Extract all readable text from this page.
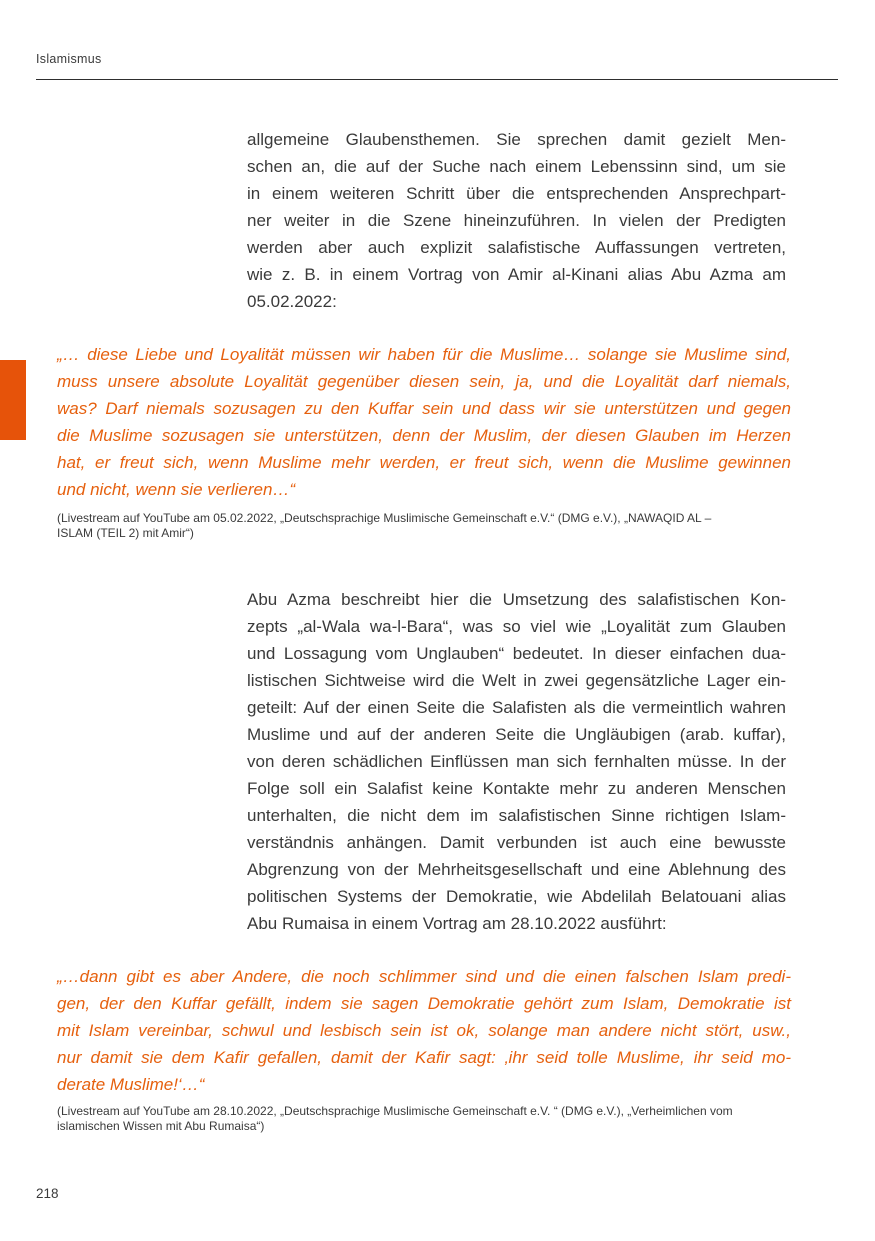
Islamismus
allgemeine Glaubensthemen. Sie sprechen damit gezielt Men-
schen an, die auf der Suche nach einem Lebenssinn sind, um sie
in einem weiteren Schritt über die entsprechenden Ansprechpart-
ner weiter in die Szene hineinzuführen. In vielen der Predigten
werden aber auch explizit salafistische Auffassungen vertreten,
wie z. B. in einem Vortrag von Amir al-Kinani alias Abu Azma am
05.02.2022:
„… diese Liebe und Loyalität müssen wir haben für die Muslime… solange sie Muslime sind,
muss unsere absolute Loyalität gegenüber diesen sein, ja, und die Loyalität darf niemals,
was? Darf niemals sozusagen zu den Kuffar sein und dass wir sie unterstützen und gegen
die Muslime sozusagen sie unterstützen, denn der Muslim, der diesen Glauben im Herzen
hat, er freut sich, wenn Muslime mehr werden, er freut sich, wenn die Muslime gewinnen
und nicht, wenn sie verlieren…“
(Livestream auf YouTube am 05.02.2022, „Deutschsprachige Muslimische Gemeinschaft e.V.“ (DMG e.V.), „NAWAQID AL –
ISLAM (TEIL 2) mit Amir“)
Abu Azma beschreibt hier die Umsetzung des salafistischen Kon-
zepts „al-Wala wa-l-Bara“, was so viel wie „Loyalität zum Glauben
und Lossagung vom Unglauben“ bedeutet. In dieser einfachen dua-
listischen Sichtweise wird die Welt in zwei gegensätzliche Lager ein-
geteilt: Auf der einen Seite die Salafisten als die vermeintlich wahren
Muslime und auf der anderen Seite die Ungläubigen (arab. kuffar),
von deren schädlichen Einflüssen man sich fernhalten müsse. In der
Folge soll ein Salafist keine Kontakte mehr zu anderen Menschen
unterhalten, die nicht dem im salafistischen Sinne richtigen Islam-
verständnis anhängen. Damit verbunden ist auch eine bewusste
Abgrenzung von der Mehrheitsgesellschaft und eine Ablehnung des
politischen Systems der Demokratie, wie Abdelilah Belatouani alias
Abu Rumaisa in einem Vortrag am 28.10.2022 ausführt:
„…dann gibt es aber Andere, die noch schlimmer sind und die einen falschen Islam predi-
gen, der den Kuffar gefällt, indem sie sagen Demokratie gehört zum Islam, Demokratie ist
mit Islam vereinbar, schwul und lesbisch sein ist ok, solange man andere nicht stört, usw.,
nur damit sie dem Kafir gefallen, damit der Kafir sagt: ‚ihr seid tolle Muslime, ihr seid mo-
derate Muslime!‘…“
(Livestream auf YouTube am 28.10.2022, „Deutschsprachige Muslimische Gemeinschaft e.V. “ (DMG e.V.), „Verheimlichen vom
islamischen Wissen mit Abu Rumaisa“)
218
